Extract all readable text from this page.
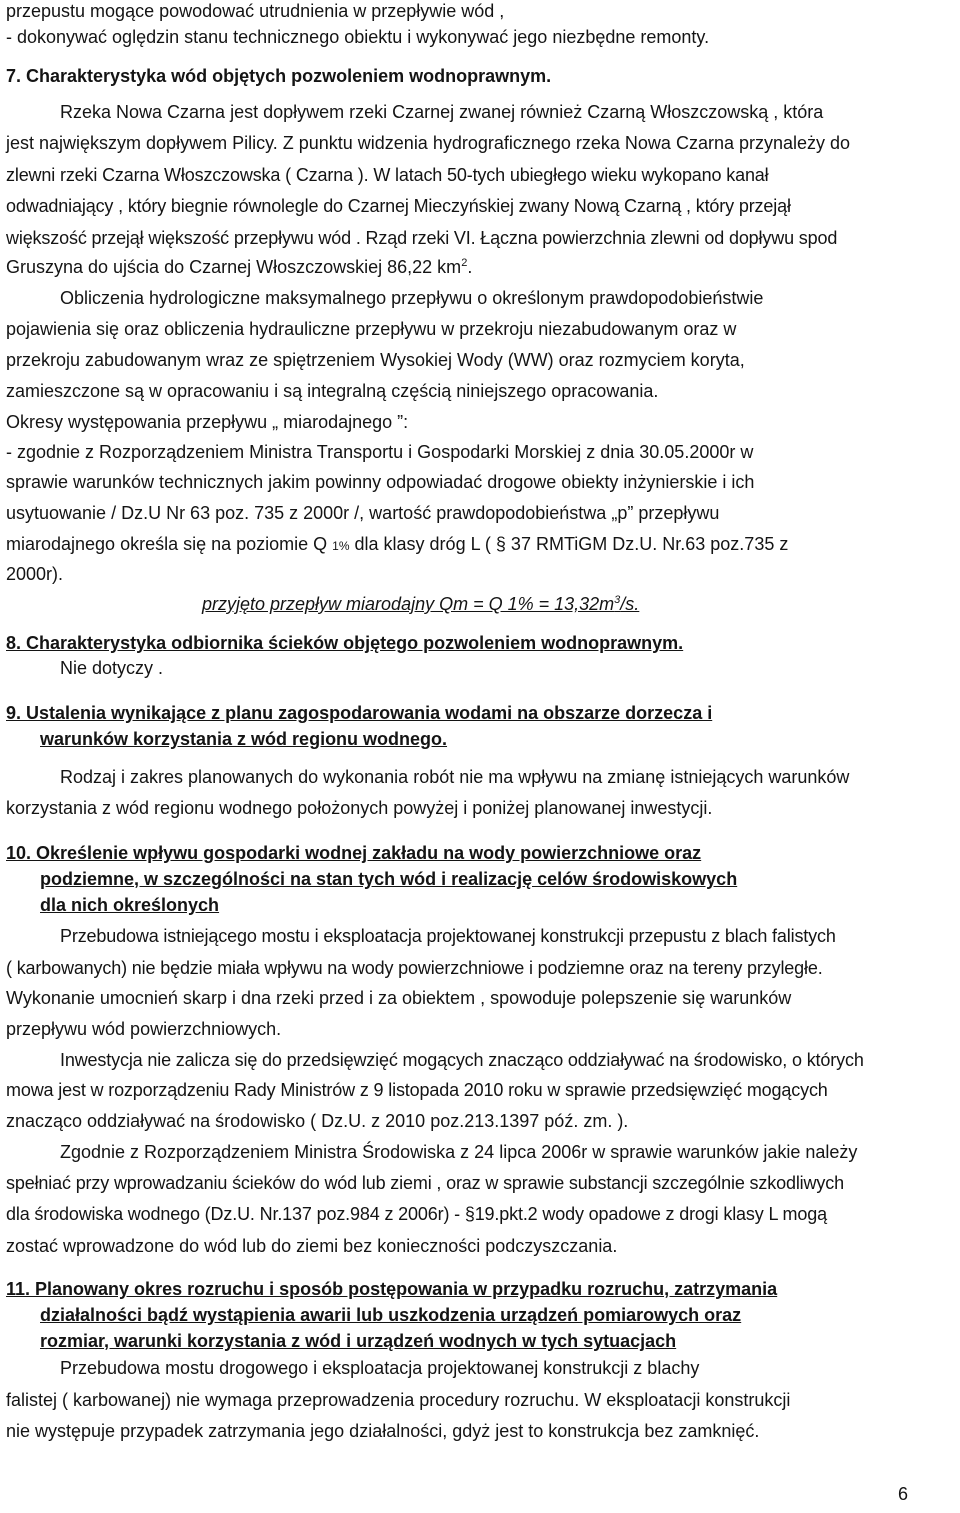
przepustu mogące powodować utrudnienia w przepływie wód ,
- dokonywać oględzin stanu technicznego obiektu i wykonywać jego niezbędne remonty.
7. Charakterystyka wód objętych pozwoleniem wodnoprawnym.
Rzeka Nowa Czarna jest dopływem rzeki Czarnej zwanej również Czarną Włoszczowską , która
jest największym dopływem Pilicy. Z punktu widzenia hydrograficznego rzeka Nowa Czarna przynależy do
zlewni rzeki Czarna Włoszczowska ( Czarna ). W latach 50-tych ubiegłego wieku wykopano kanał
odwadniający , który biegnie równolegle do Czarnej Mieczyńskiej zwany Nową Czarną , który przejął
większość przejął większość przepływu wód . Rząd rzeki VI. Łączna powierzchnia zlewni od dopływu spod
Gruszyna do ujścia do Czarnej Włoszczowskiej 86,22 $km^2$.
Obliczenia hydrologiczne maksymalnego przepływu o określonym prawdopodobieństwie
pojawienia się oraz obliczenia hydrauliczne przepływu w przekroju niezabudowanym oraz w
przekroju zabudowanym wraz ze spiętrzeniem Wysokiej Wody (WW) oraz rozmyciem koryta,
zamieszczone są w opracowaniu i są integralną częścią niniejszego opracowania.
Okresy występowania przepływu „ miarodajnego ”:
- zgodnie z Rozporządzeniem Ministra Transportu i Gospodarki Morskiej z dnia 30.05.2000r w
sprawie warunków technicznych jakim powinny odpowiadać drogowe obiekty inżynierskie i ich
usytuowanie / Dz.U Nr 63 poz. 735 z 2000r /, wartość prawdopodobieństwa „p” przepływu
miarodajnego określa się na poziomie Q 1% dla klasy dróg L ( § 37 RMTiGM Dz.U. Nr.63 poz.735 z
2000r).
przyjęto przepływ miarodajny Qm = Q $1\% = 13,32m^3/s$.
8. Charakterystyka odbiornika ścieków objętego pozwoleniem wodnoprawnym.
Nie dotyczy .
9. Ustalenia wynikające z planu zagospodarowania wodami na obszarze dorzecza i
warunków korzystania z wód regionu wodnego.
Rodzaj i zakres planowanych do wykonania robót nie ma wpływu na zmianę istniejących warunków
korzystania z wód regionu wodnego położonych powyżej i poniżej planowanej inwestycji.
10. Określenie wpływu gospodarki wodnej zakładu na wody powierzchniowe oraz
podziemne, w szczególności na stan tych wód i realizację celów środowiskowych
dla nich określonych
Przebudowa istniejącego mostu i eksploatacja projektowanej konstrukcji przepustu z blach falistych
( karbowanych) nie będzie miała wpływu na wody powierzchniowe i podziemne oraz na tereny przyległe.
Wykonanie umocnień skarp i dna rzeki przed i za obiektem , spowoduje polepszenie się warunków
przepływu wód powierzchniowych.
Inwestycja nie zalicza się do przedsięwzięć mogących znacząco oddziaływać na środowisko, o których
mowa jest w rozporządzeniu Rady Ministrów z 9 listopada 2010 roku w sprawie przedsięwzięć mogących
znacząco oddziaływać na środowisko ( Dz.U. z 2010 poz.213.1397 póź. zm. ).
Zgodnie z Rozporządzeniem Ministra Środowiska z 24 lipca 2006r w sprawie warunków jakie należy
spełniać przy wprowadzaniu ścieków do wód lub ziemi , oraz w sprawie substancji szczególnie szkodliwych
dla środowiska wodnego (Dz.U. Nr.137 poz.984 z 2006r) - §19.pkt.2 wody opadowe z drogi klasy L mogą
zostać wprowadzone do wód lub do ziemi bez konieczności podczyszczania.
11. Planowany okres rozruchu i sposób postępowania w przypadku rozruchu, zatrzymania
działalności bądź wystąpienia awarii lub uszkodzenia urządzeń pomiarowych oraz
rozmiar, warunki korzystania z wód i urządzeń wodnych w tych sytuacjach
Przebudowa mostu drogowego i eksploatacja projektowanej konstrukcji z blachy
falistej ( karbowanej) nie wymaga przeprowadzenia procedury rozruchu. W eksploatacji konstrukcji
nie występuje przypadek zatrzymania jego działalności, gdyż jest to konstrukcja bez zamknięć.
6
